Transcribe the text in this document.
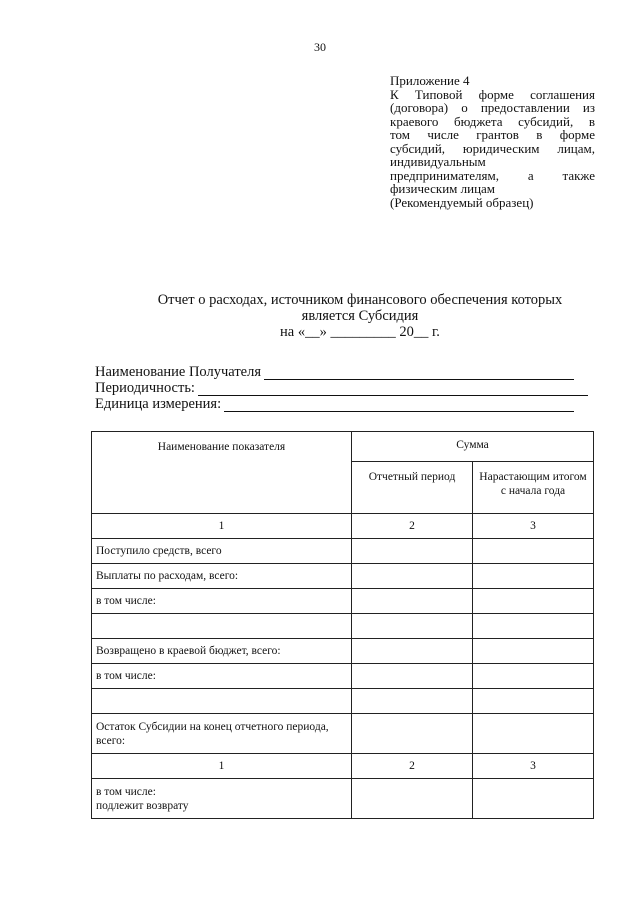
30
Приложение 4
К Типовой форме соглашения
(договора) о предоставлении из
краевого бюджета субсидий, в
том числе грантов в форме
субсидий, юридическим лицам,
индивидуальным
предпринимателям, а также
физическим лицам
(Рекомендуемый образец)
Отчет о расходах, источником финансового обеспечения которых
является Субсидия
на «__» _________ 20__ г.
Наименование Получателя
Периодичность:
Единица измерения:
Наименование показателя	Сумма	
	Отчетный период	Нарастающим итогом с начала года
1	2	3
Поступило средств, всего		
Выплаты по расходам, всего:		
в том числе:		

Возвращено в краевой бюджет, всего:		
в том числе:		

Остаток Субсидии на конец отчетного периода, всего:		
1	2	3

в том числе:
подлежит возврату		
